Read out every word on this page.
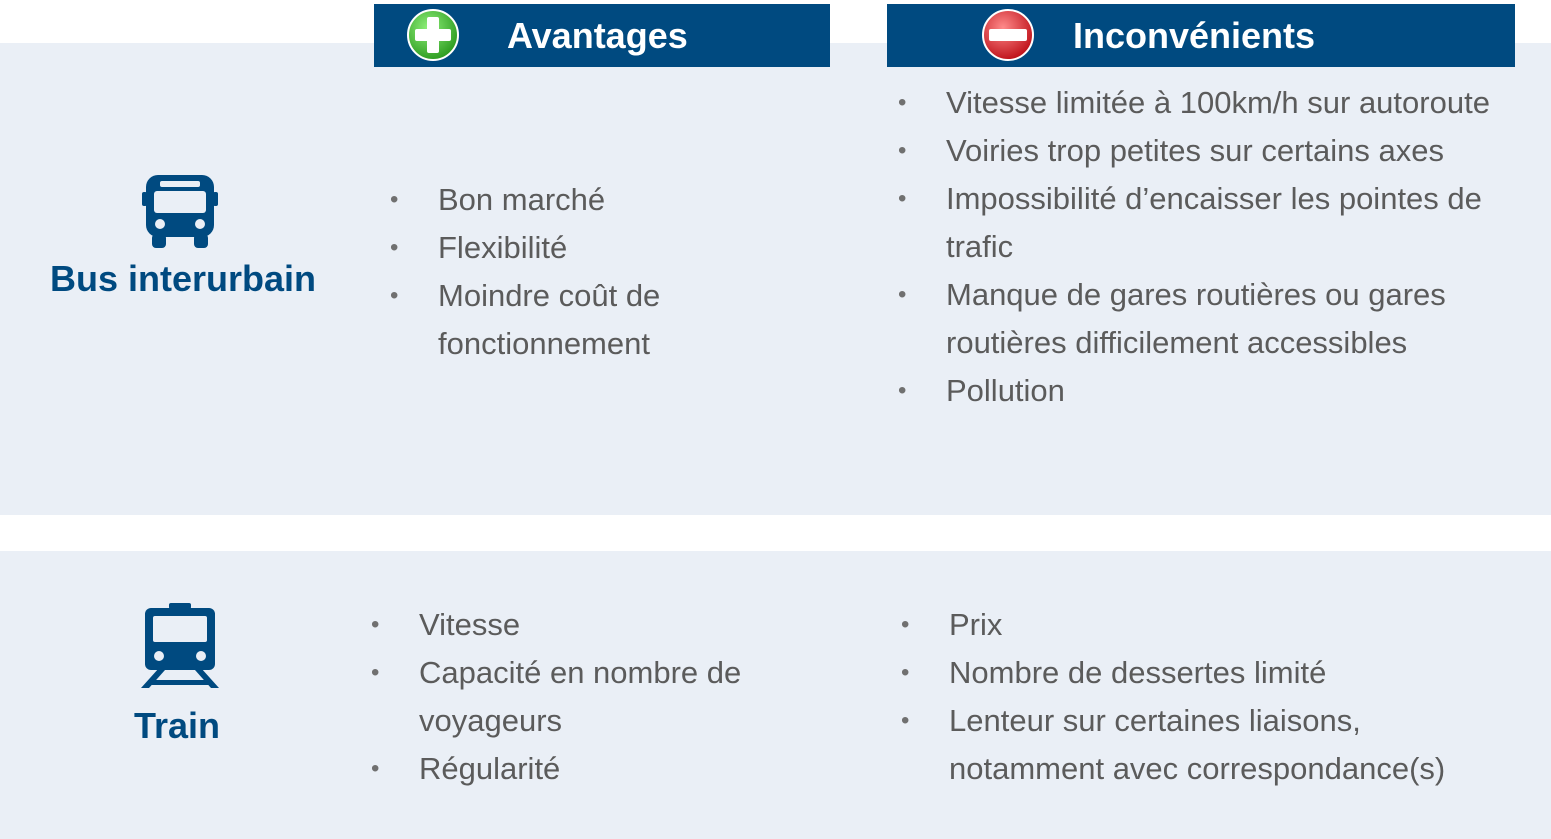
Avantages	Inconvénients
Bus interurbain
• Bon marché
• Flexibilité
• Moindre coût de fonctionnement
• Vitesse limitée à 100km/h sur autoroute
• Voiries trop petites sur certains axes
• Impossibilité d’encaisser les pointes de trafic
• Manque de gares routières ou gares routières difficilement accessibles
• Pollution
Train
• Vitesse
• Capacité en nombre de voyageurs
• Régularité
• Prix
• Nombre de dessertes limité
• Lenteur sur certaines liaisons, notamment avec correspondance(s)
